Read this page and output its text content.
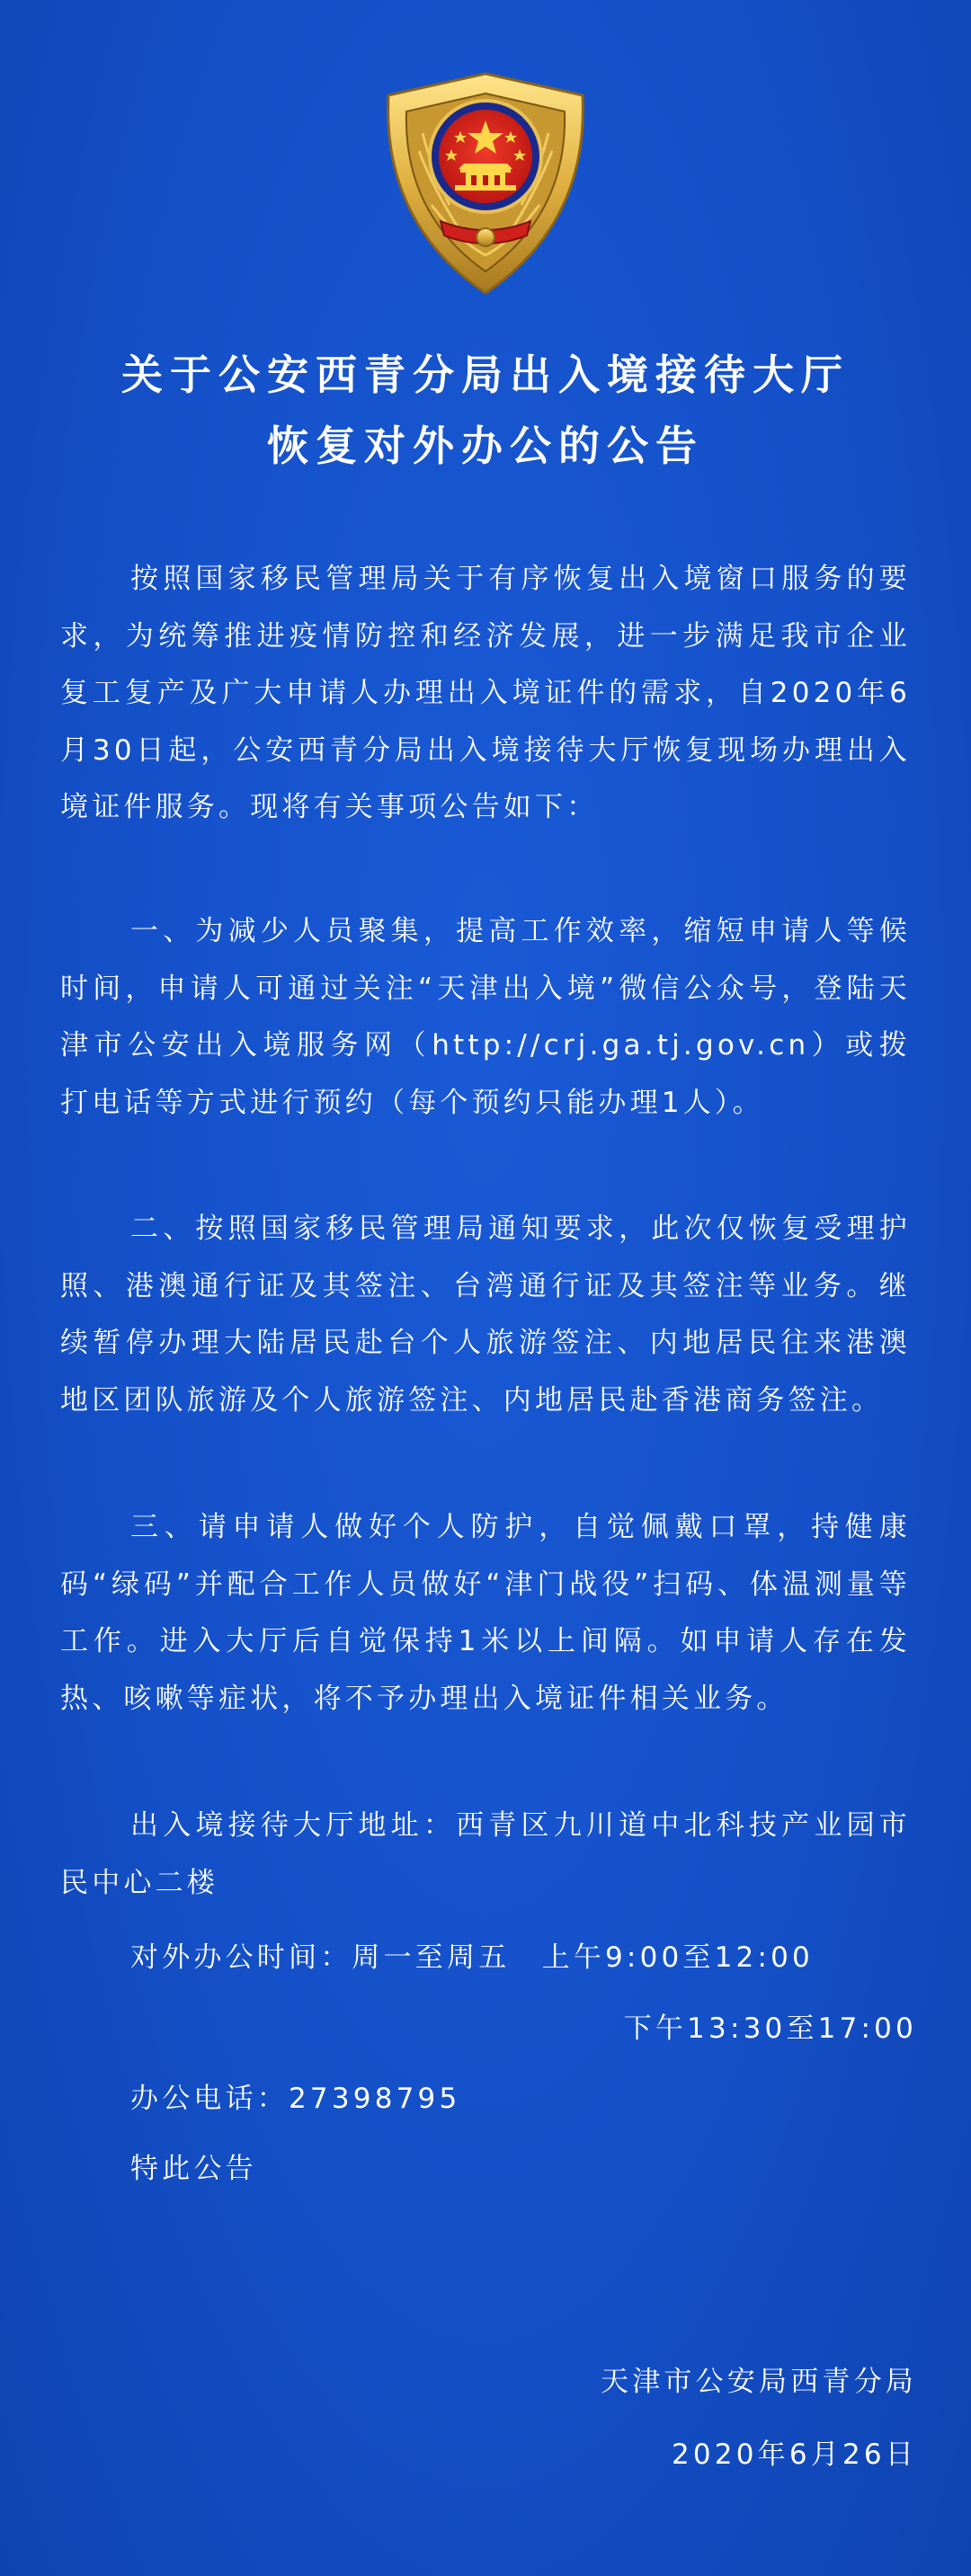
关于公安西青分局出入境接待大厅
恢复对外办公的公告
按照国家移民管理局关于有序恢复出入境窗口服务的要求，为统筹推进疫情防控和经济发展，进一步满足我市企业复工复产及广大申请人办理出入境证件的需求，自2020年6月30日起，公安西青分局出入境接待大厅恢复现场办理出入境证件服务。现将有关事项公告如下：
一、为减少人员聚集，提高工作效率，缩短申请人等候时间，申请人可通过关注“天津出入境”微信公众号，登陆天津市公安出入境服务网（http://crj.ga.tj.gov.cn）或拨打电话等方式进行预约（每个预约只能办理1人）。
二、按照国家移民管理局通知要求，此次仅恢复受理护照、港澳通行证及其签注、台湾通行证及其签注等业务。继续暂停办理大陆居民赴台个人旅游签注、内地居民往来港澳地区团队旅游及个人旅游签注、内地居民赴香港商务签注。
三、请申请人做好个人防护，自觉佩戴口罩，持健康码“绿码”并配合工作人员做好“津门战役”扫码、体温测量等工作。进入大厅后自觉保持1米以上间隔。如申请人存在发热、咳嗽等症状，将不予办理出入境证件相关业务。
出入境接待大厅地址：西青区九川道中北科技产业园市民中心二楼
对外办公时间：周一至周五　上午9:00至12:00
下午13:30至17:00
办公电话：27398795
特此公告
天津市公安局西青分局
2020年6月26日
